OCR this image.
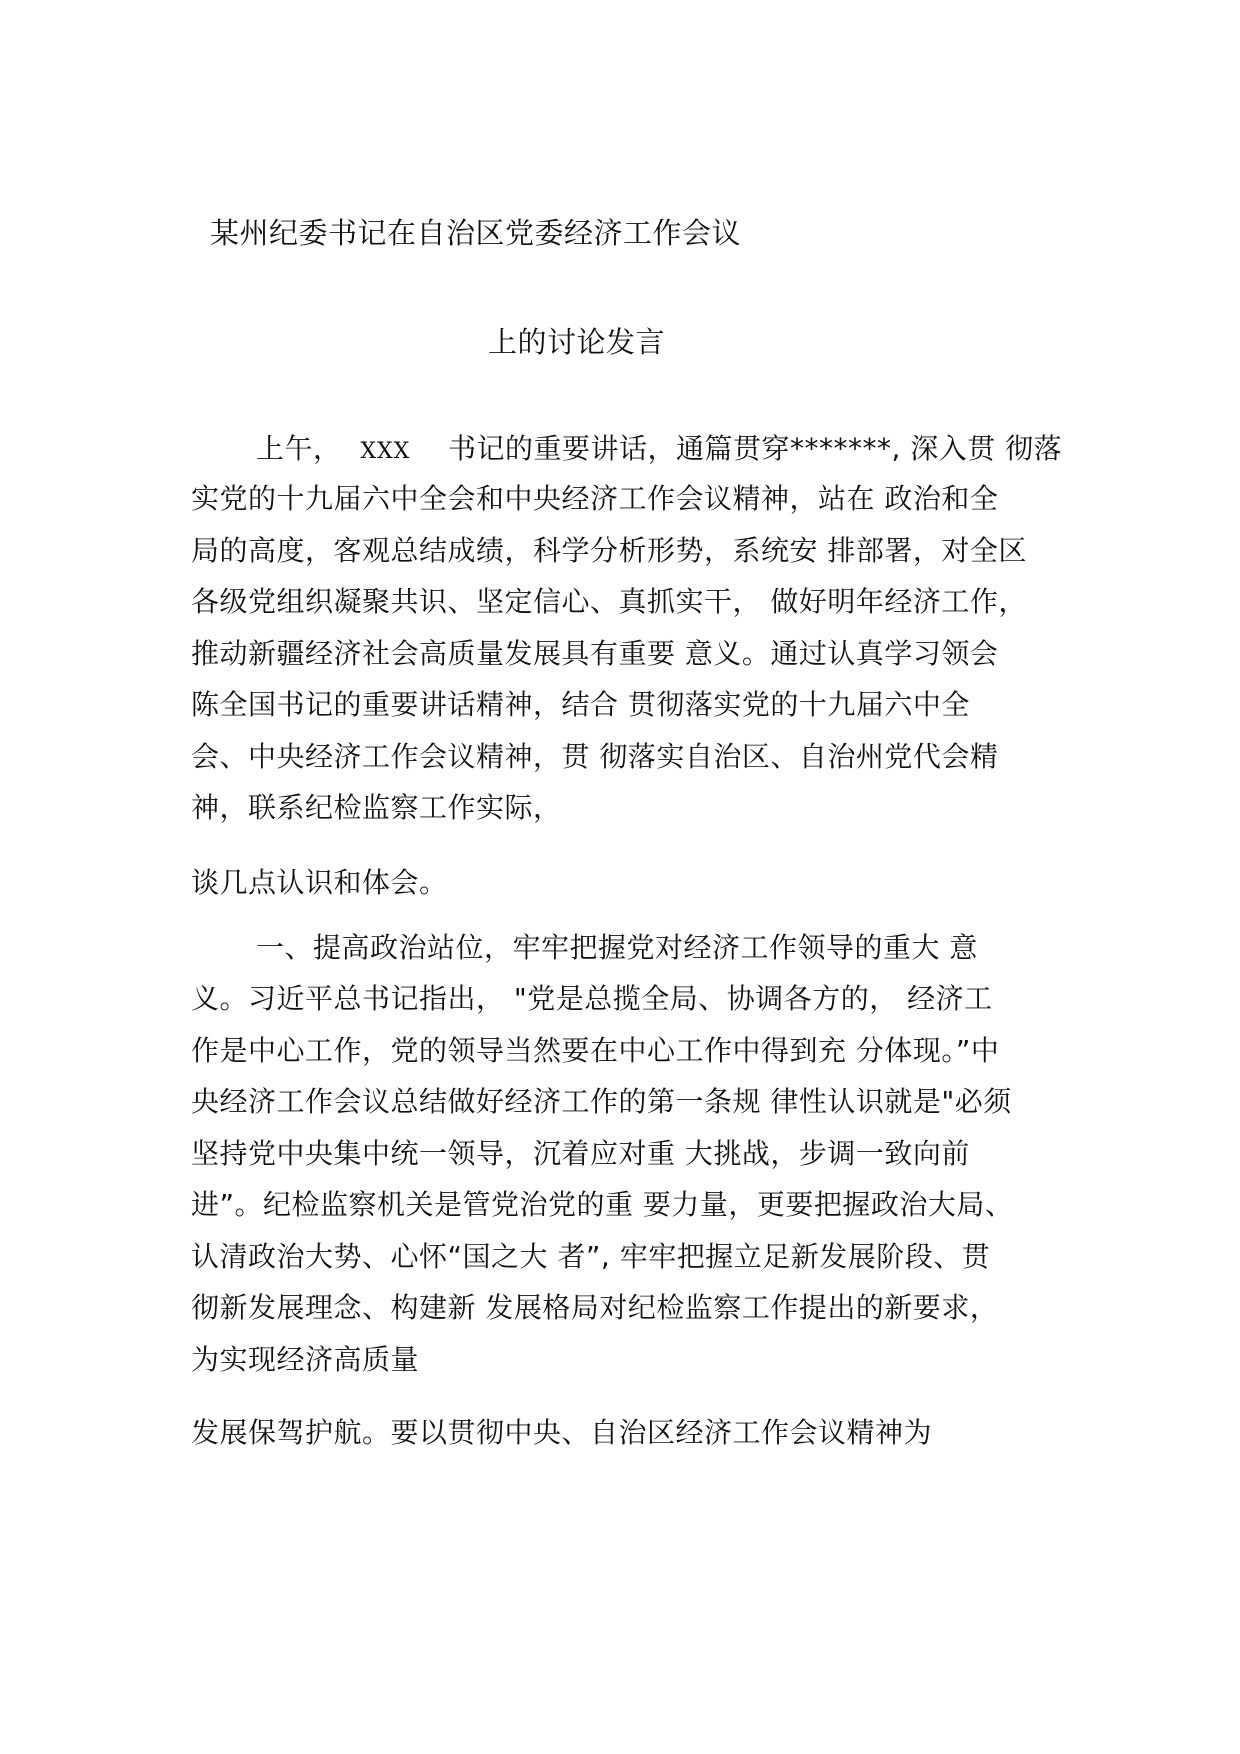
某州纪委书记在自治区党委经济工作会议
上的讨论发言
上午， XXX 书记的重要讲话，通篇贯穿*******, 深入贯 彻落
实党的十九届六中全会和中央经济工作会议精神，站在 政治和全
局的高度，客观总结成绩，科学分析形势，系统安 排部署，对全区
各级党组织凝聚共识、坚定信心、真抓实干， 做好明年经济工作，
推动新疆经济社会高质量发展具有重要 意义。通过认真学习领会
陈全国书记的重要讲话精神，结合 贯彻落实党的十九届六中全
会、中央经济工作会议精神，贯 彻落实自治区、自治州党代会精
神，联系纪检监察工作实际，
谈几点认识和体会。
一、提高政治站位，牢牢把握党对经济工作领导的重大 意
义。习近平总书记指出， "党是总揽全局、协调各方的， 经济工
作是中心工作，党的领导当然要在中心工作中得到充 分体现。”中
央经济工作会议总结做好经济工作的第一条规 律性认识就是"必须
坚持党中央集中统一领导，沉着应对重 大挑战，步调一致向前
进”。纪检监察机关是管党治党的重 要力量，更要把握政治大局、
认清政治大势、心怀“国之大 者”, 牢牢把握立足新发展阶段、贯
彻新发展理念、构建新 发展格局对纪检监察工作提出的新要求，
为实现经济高质量
发展保驾护航。要以贯彻中央、自治区经济工作会议精神为
